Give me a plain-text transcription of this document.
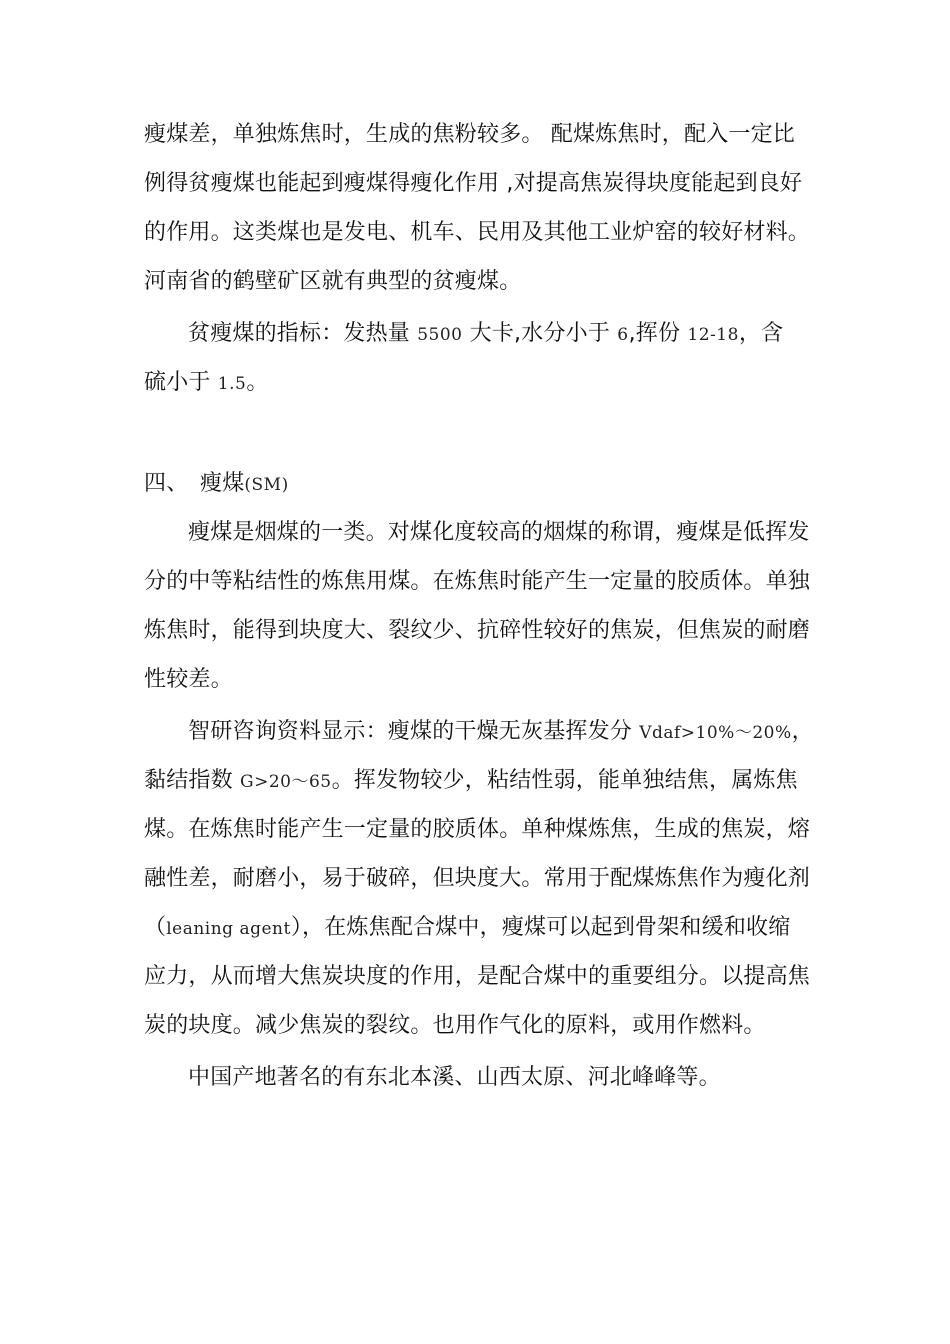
瘦煤差，单独炼焦时，生成的焦粉较多。 配煤炼焦时，配入一定比
例得贫瘦煤也能起到瘦煤得瘦化作用 ,对提高焦炭得块度能起到良好
的作用。这类煤也是发电、机车、民用及其他工业炉窑的较好材料。
河南省的鹤壁矿区就有典型的贫瘦煤。
贫瘦煤的指标：发热量 5500 大卡,水分小于 6,挥份 12-18，含
硫小于 1.5。
四、 瘦煤(SM)
瘦煤是烟煤的一类。对煤化度较高的烟煤的称谓，瘦煤是低挥发
分的中等粘结性的炼焦用煤。在炼焦时能产生一定量的胶质体。单独
炼焦时，能得到块度大、裂纹少、抗碎性较好的焦炭，但焦炭的耐磨
性较差。
智研咨询资料显示：瘦煤的干燥无灰基挥发分 Vdaf>10%～20%，
黏结指数 G>20～65。挥发物较少，粘结性弱，能单独结焦，属炼焦
煤。在炼焦时能产生一定量的胶质体。单种煤炼焦，生成的焦炭，熔
融性差，耐磨小，易于破碎，但块度大。常用于配煤炼焦作为瘦化剂
（leaning agent），在炼焦配合煤中，瘦煤可以起到骨架和缓和收缩
应力，从而增大焦炭块度的作用，是配合煤中的重要组分。以提高焦
炭的块度。减少焦炭的裂纹。也用作气化的原料，或用作燃料。
中国产地著名的有东北本溪、山西太原、河北峰峰等。
